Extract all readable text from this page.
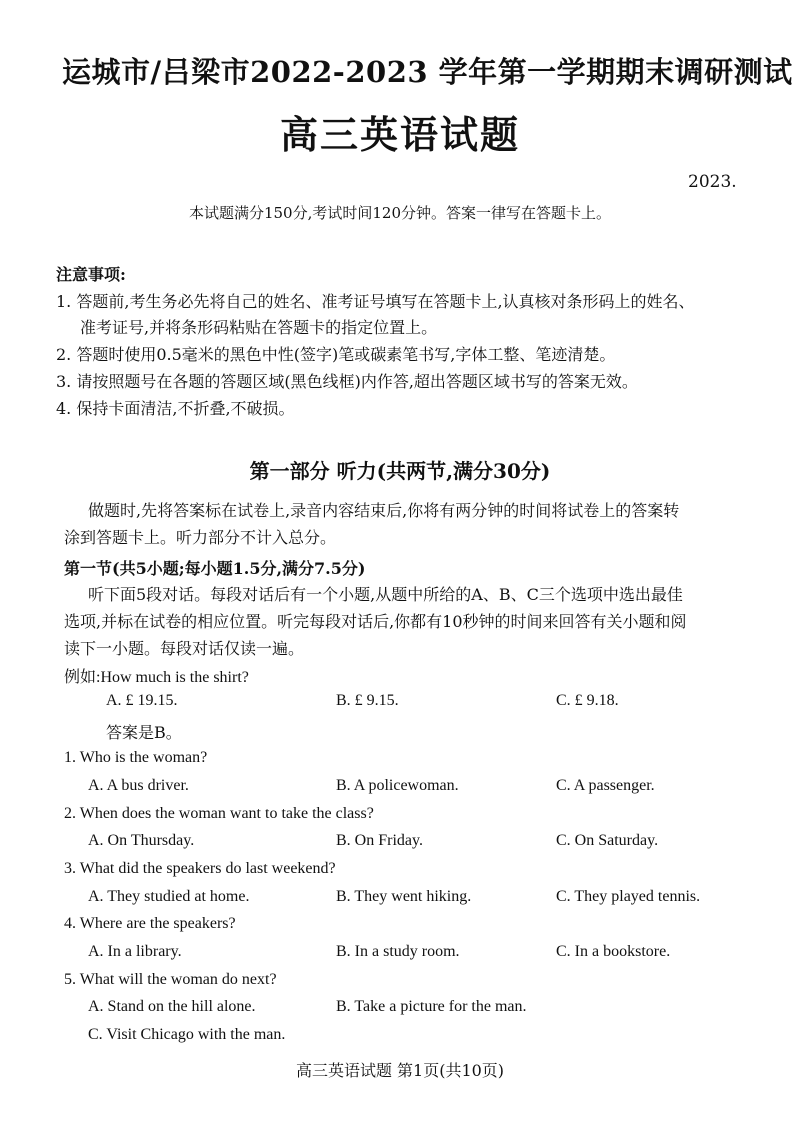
运城市/吕梁市2022-2023 学年第一学期期末调研测试
高三英语试题
2023.
本试题满分150分,考试时间120分钟。答案一律写在答题卡上。
注意事项:
1. 答题前,考生务必先将自己的姓名、准考证号填写在答题卡上,认真核对条形码上的姓名、
准考证号,并将条形码粘贴在答题卡的指定位置上。
2. 答题时使用0.5毫米的黑色中性(签字)笔或碳素笔书写,字体工整、笔迹清楚。
3. 请按照题号在各题的答题区域(黑色线框)内作答,超出答题区域书写的答案无效。
4. 保持卡面清洁,不折叠,不破损。
第一部分 听力(共两节,满分30分)
做题时,先将答案标在试卷上,录音内容结束后,你将有两分钟的时间将试卷上的答案转
涂到答题卡上。听力部分不计入总分。
第一节(共5小题;每小题1.5分,满分7.5分)
听下面5段对话。每段对话后有一个小题,从题中所给的A、B、C三个选项中选出最佳
选项,并标在试卷的相应位置。听完每段对话后,你都有10秒钟的时间来回答有关小题和阅
读下一小题。每段对话仅读一遍。
例如:How much is the shirt?
A. £ 19.15.	B. £ 9.15.	C. £ 9.18.
答案是B。
1. Who is the woman?
A. A bus driver.	B. A policewoman.	C. A passenger.
2. When does the woman want to take the class?
A. On Thursday.	B. On Friday.	C. On Saturday.
3. What did the speakers do last weekend?
A. They studied at home.	B. They went hiking.	C. They played tennis.
4. Where are the speakers?
A. In a library.	B. In a study room.	C. In a bookstore.
5. What will the woman do next?
A. Stand on the hill alone.	B. Take a picture for the man.
C. Visit Chicago with the man.
高三英语试题 第1页(共10页)
